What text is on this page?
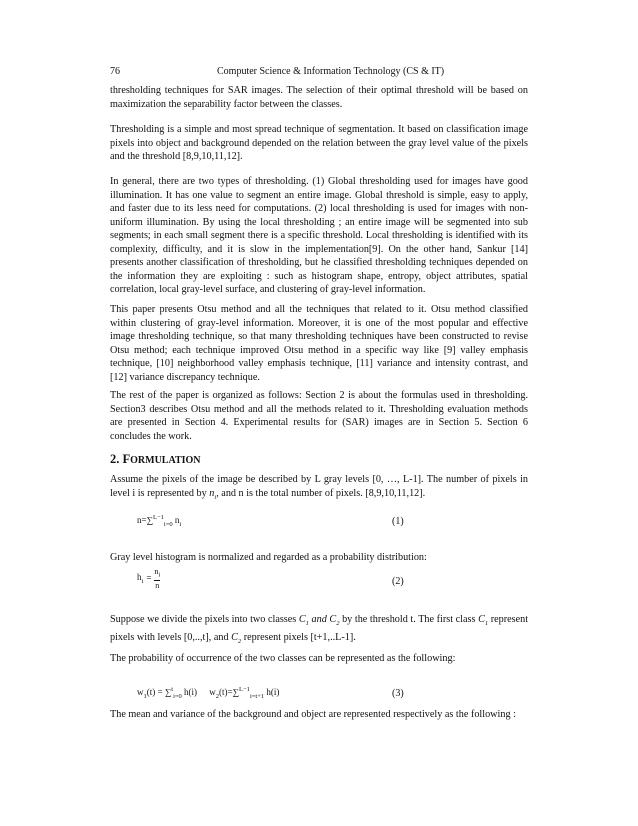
76	Computer Science & Information Technology (CS & IT)

thresholding techniques for SAR images. The selection of their optimal threshold will be based on maximization the separability factor between the classes.

Thresholding is a simple and most spread technique of segmentation. It based on classification image pixels into object and background depended on the relation between the gray level value of the pixels and the threshold [8,9,10,11,12].

In general, there are two types of thresholding. (1) Global thresholding used for images have good illumination. It has one value to segment an entire image. Global threshold is simple, easy to apply, and faster due to its less need for computations. (2) local thresholding is used for images with non-uniform illumination. By using the local thresholding ; an entire image will be segmented into sub segments; in each small segment there is a specific threshold. Local thresholding is identified with its complexity, difficulty, and it is slow in the implementation[9]. On the other hand, Sankur [14] presents another classification of thresholding, but he classified thresholding techniques depended on the information they are exploiting : such as histogram shape, entropy, object attributes, spatial correlation, local gray-level surface, and clustering of gray-level information.

This paper presents Otsu method and all the techniques that related to it. Otsu method classified within clustering of gray-level information. Moreover, it is one of the most popular and effective image thresholding technique, so that many thresholding techniques have been constructed to revise Otsu method; each technique improved Otsu method in a specific way like [9] valley emphasis technique, [10] neighborhood valley emphasis technique, [11] variance and intensity contrast, and [12] variance discrepancy technique.

The rest of the paper is organized as follows: Section 2 is about the formulas used in thresholding. Section3 describes Otsu method and all the methods related to it. Thresholding evaluation methods are presented in Section 4. Experimental results for (SAR) images are in Section 5. Section 6 concludes the work.

2. FORMULATION

Assume the pixels of the image be described by L gray levels [0, …, L-1]. The number of pixels in level i is represented by $n_i$, and n is the total number of pixels. [8,9,10,11,12].

n=∑$^{L-1}_{i=0}$ $n_i$	(1)

Gray level histogram is normalized and regarded as a probability distribution:

$h_i = \frac{n_i}{n}$	(2)

Suppose we divide the pixels into two classes $C_1$ and $C_2$ by the threshold t. The first class $C_1$ represent pixels with levels [0,..,t], and $C_2$ represent pixels [t+1,..L-1].

The probability of occurrence of the two classes can be represented as the following:

$w_1(t) = \sum^t_{i=0}$ h(i) $w_2(t)=\sum^{L-1}_{i=t+1}$ h(i)	(3)

The mean and variance of the background and object are represented respectively as the following :
